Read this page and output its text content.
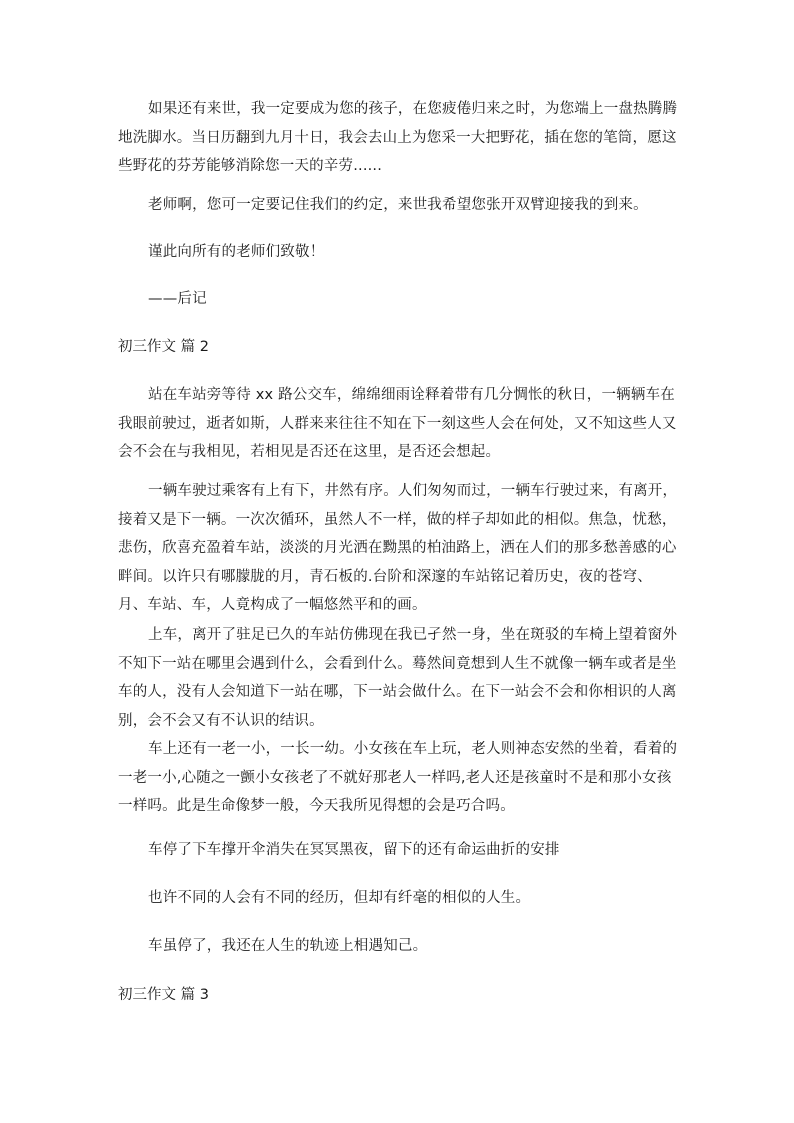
如果还有来世，我一定要成为您的孩子，在您疲倦归来之时，为您端上一盘热腾腾地洗脚水。当日历翻到九月十日，我会去山上为您采一大把野花，插在您的笔筒，愿这些野花的芬芳能够消除您一天的辛劳......

老师啊，您可一定要记住我们的约定，来世我希望您张开双臂迎接我的到来。

谨此向所有的老师们致敬！

——后记

初三作文 篇 2

站在车站旁等待 xx 路公交车，绵绵细雨诠释着带有几分惆怅的秋日，一辆辆车在我眼前驶过，逝者如斯，人群来来往往不知在下一刻这些人会在何处，又不知这些人又会不会在与我相见，若相见是否还在这里，是否还会想起。

一辆车驶过乘客有上有下，井然有序。人们匆匆而过，一辆车行驶过来，有离开，接着又是下一辆。一次次循环，虽然人不一样，做的样子却如此的相似。焦急，忧愁，悲伤，欣喜充盈着车站，淡淡的月光洒在黝黑的柏油路上，洒在人们的那多愁善感的心畔间。以许只有哪朦胧的月，青石板的.台阶和深邃的车站铭记着历史，夜的苍穹、月、车站、车，人竟构成了一幅悠然平和的画。

上车，离开了驻足已久的车站仿佛现在我已孑然一身，坐在斑驳的车椅上望着窗外不知下一站在哪里会遇到什么，会看到什么。蓦然间竟想到人生不就像一辆车或者是坐车的人，没有人会知道下一站在哪，下一站会做什么。在下一站会不会和你相识的人离别，会不会又有不认识的结识。

车上还有一老一小，一长一幼。小女孩在车上玩，老人则神态安然的坐着，看着的一老一小,心随之一颤小女孩老了不就好那老人一样吗,老人还是孩童时不是和那小女孩一样吗。此是生命像梦一般，今天我所见得想的会是巧合吗。

车停了下车撑开伞消失在冥冥黑夜，留下的还有命运曲折的安排

也许不同的人会有不同的经历，但却有纤毫的相似的人生。

车虽停了，我还在人生的轨迹上相遇知己。

初三作文 篇 3
